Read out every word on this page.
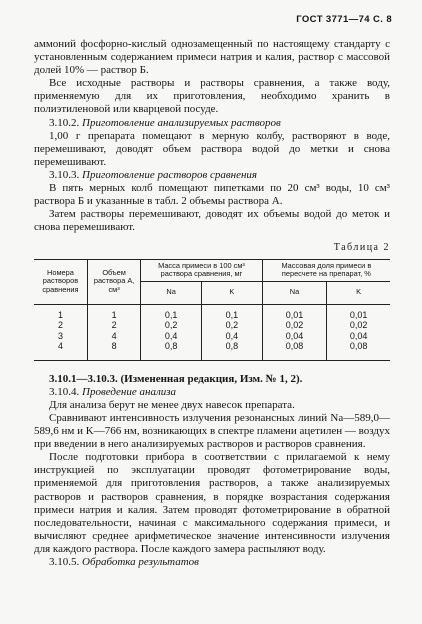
ГОСТ 3771—74 С. 8

аммоний фосфорно-кислый однозамещенный по настоящему стандарту с установленным содержанием примеси натрия и калия, раствор с массовой долей 10% — раствор Б.

Все исходные растворы и растворы сравнения, а также воду, применяемую для их приготовления, необходимо хранить в полиэтиленовой или кварцевой посуде.

3.10.2. Приготовление анализируемых растворов

1,00 г препарата помещают в мерную колбу, растворяют в воде, перемешивают, доводят объем раствора водой до метки и снова перемешивают.

3.10.3. Приготовление растворов сравнения

В пять мерных колб помещают пипетками по 20 см³ воды, 10 см³ раствора Б и указанные в табл. 2 объемы раствора А.

Затем растворы перемешивают, доводят их объемы водой до меток и снова перемешивают.

Таблица 2
Номера растворов сравнения	Объем раствора А, см³	Масса примеси в 100 см³ раствора сравнения, мг		Массовая доля примеси в пересчете на препарат, %	
		Na	K	Na	K
1	1	0,1	0,1	0,01	0,01
2	2	0,2	0,2	0,02	0,02
3	4	0,4	0,4	0,04	0,04
4	8	0,8	0,8	0,08	0,08

3.10.1—3.10.3. (Измененная редакция, Изм. № 1, 2).

3.10.4. Проведение анализа

Для анализа берут не менее двух навесок препарата.

Сравнивают интенсивность излучения резонансных линий Na—589,0—589,6 нм и K—766 нм, возникающих в спектре пламени ацетилен — воздух при введении в него анализируемых растворов и растворов сравнения.

После подготовки прибора в соответствии с прилагаемой к нему инструкцией по эксплуатации проводят фотометрирование воды, применяемой для приготовления растворов, а также анализируемых растворов и растворов сравнения, в порядке возрастания содержания примеси натрия и калия. Затем проводят фотометрирование в обратной последовательности, начиная с максимального содержания примеси, и вычисляют среднее арифметическое значение интенсивности излучения для каждого раствора. После каждого замера распыляют воду.

3.10.5. Обработка результатов
